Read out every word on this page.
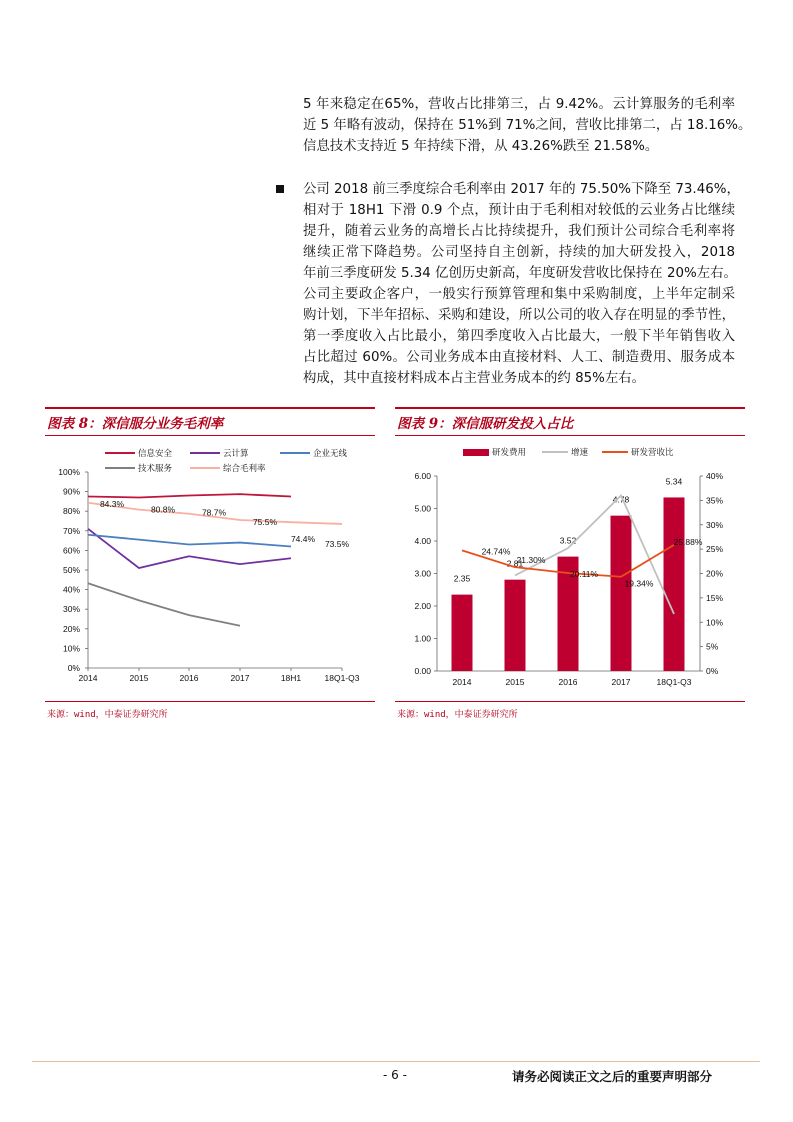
图表 8：深信服分业务毛利率
0%
10%
20%
30%
40%
50%
60%
70%
80%
90%
100%
2014	2015	2016	2017	18H1	18Q1-Q3
信息安全	云计算	企业无线
技术服务	综合毛利率
84.3%
80.8%	78.7%
75.5%
74.4% 73.5%
来源：wind，中泰证券研究所
图表 9：深信服研发投入占比
0.00
1.00
2.00
3.00
4.00
5.00
6.00
0%
5%
10%
15%
20%
25%
30%
35%
40%
2014	2015	2016	2017	18Q1-Q3
2.35
2.81
3.52
4.78
5.34
24.74%
21.30%
20.11%
19.34%
25.88%
研发费用	增速	研发营收比
来源：wind，中泰证券研究所
- 6 -	请务必阅读正文之后的重要声明部分
5 年来稳定在65%，营收占比排第三，占 9.42%。云计算服务的毛利率
近 5 年略有波动，保持在 51%到 71%之间，营收比排第二，占 18.16%。
信息技术支持近 5 年持续下滑，从 43.26%跌至 21.58%。
公司 2018 前三季度综合毛利率由 2017 年的 75.50%下降至 73.46%，
相对于 18H1 下滑 0.9 个点，预计由于毛利相对较低的云业务占比继续
提升，随着云业务的高增长占比持续提升，我们预计公司综合毛利率将
继续正常下降趋势。公司坚持自主创新，持续的加大研发投入，2018
年前三季度研发 5.34 亿创历史新高，年度研发营收比保持在 20%左右。
公司主要政企客户，一般实行预算管理和集中采购制度，上半年定制采
购计划，下半年招标、采购和建设，所以公司的收入存在明显的季节性，
第一季度收入占比最小，第四季度收入占比最大，一般下半年销售收入
占比超过 60%。公司业务成本由直接材料、人工、制造费用、服务成本
构成，其中直接材料成本占主营业务成本的约 85%左右。
